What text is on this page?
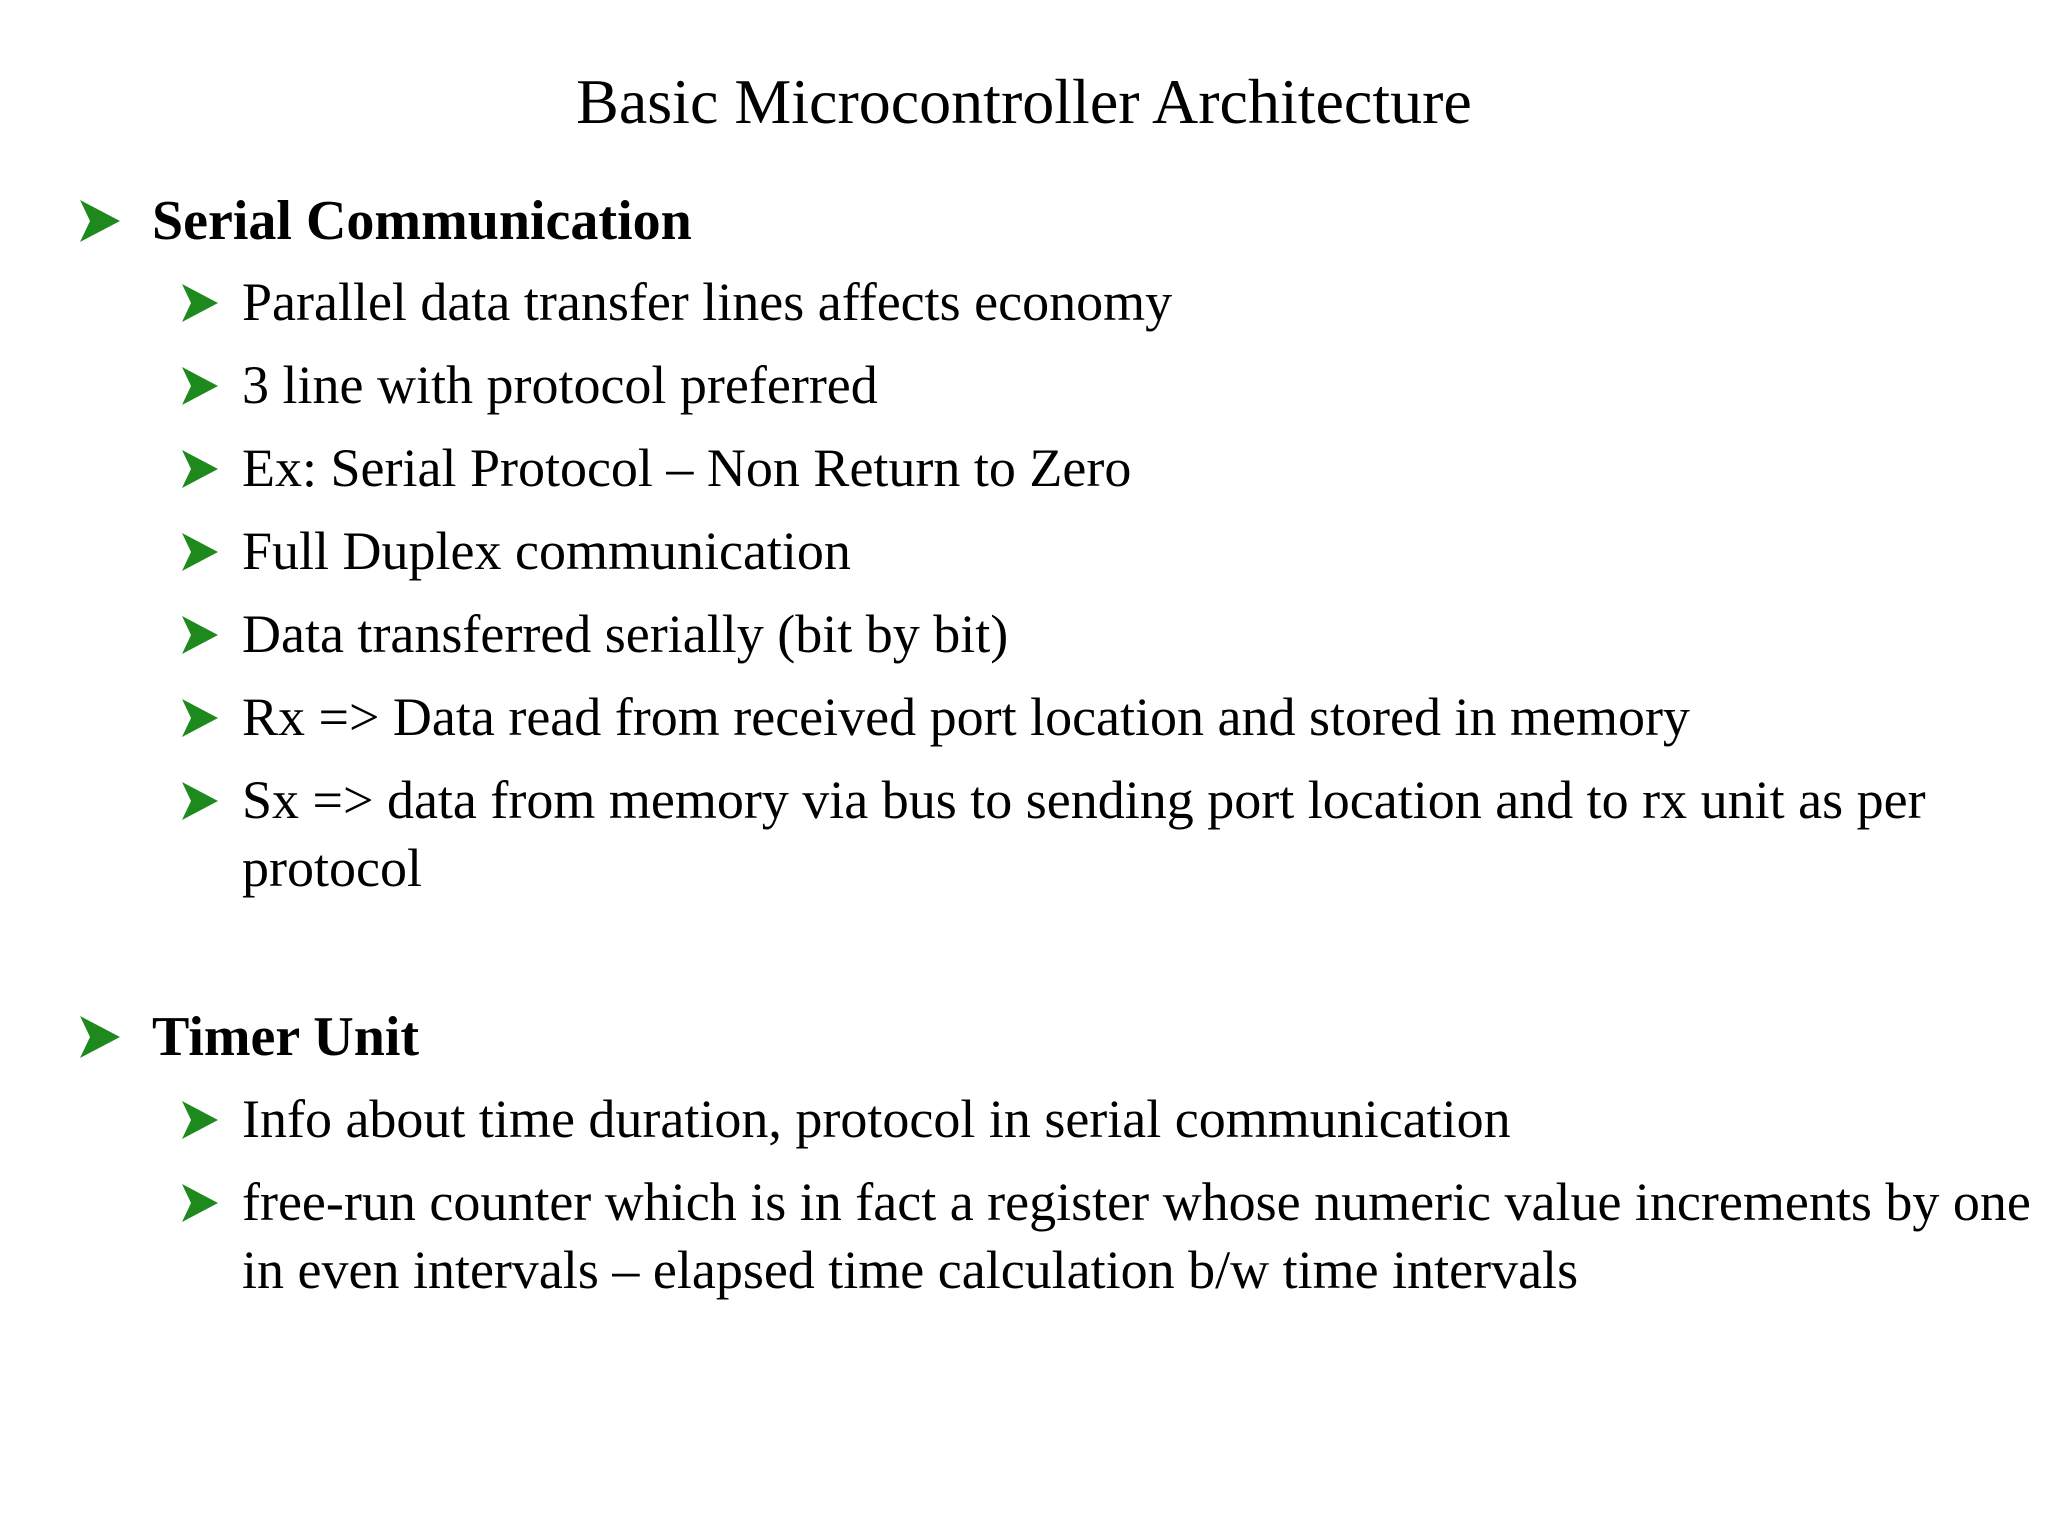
Basic Microcontroller Architecture
Serial Communication
Parallel data transfer lines affects economy
3 line with protocol preferred
Ex: Serial Protocol – Non Return to Zero
Full Duplex communication
Data transferred serially (bit by bit)
Rx => Data read from received port location and stored in memory
Sx => data from memory via bus to sending port location and to rx unit as per protocol
Timer Unit
Info about time duration, protocol in serial communication
free-run counter which is in fact a register whose numeric value increments by one in even intervals – elapsed time calculation b/w time intervals
